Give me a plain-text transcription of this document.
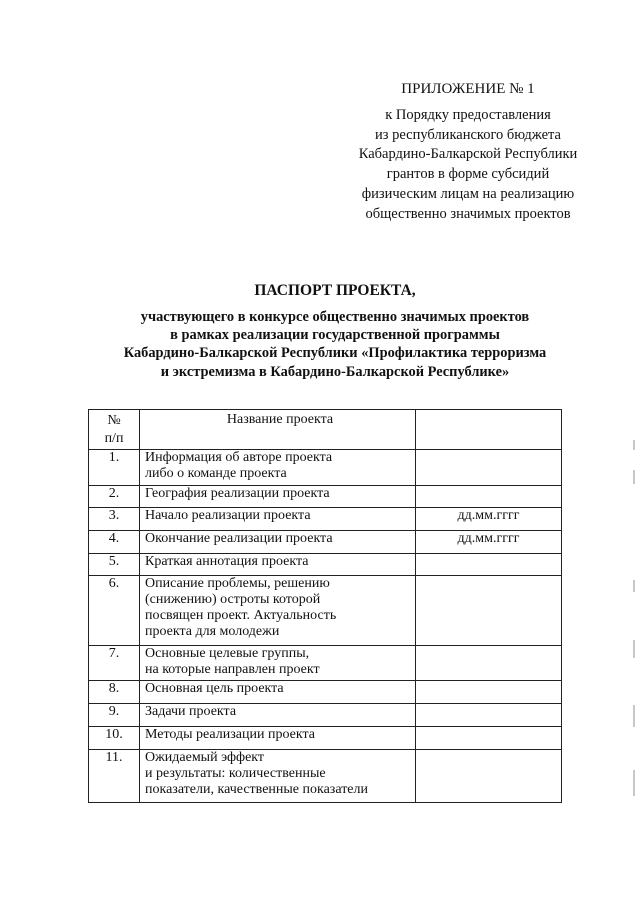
ПРИЛОЖЕНИЕ № 1
к Порядку предоставления
из республиканского бюджета
Кабардино-Балкарской Республики
грантов в форме субсидий
физическим лицам на реализацию
общественно значимых проектов
ПАСПОРТ ПРОЕКТА,
участвующего в конкурсе общественно значимых проектов
в рамках реализации государственной программы
Кабардино-Балкарской Республики «Профилактика терроризма
и экстремизма в Кабардино-Балкарской Республике»
№
п/п	Название проекта	

1.	Информация об авторе проекта
либо о команде проекта	

2.	География реализации проекта	

3.	Начало реализации проекта	дд.мм.гггг

4.	Окончание реализации проекта	дд.мм.гггг

5.	Краткая аннотация проекта	

6.	Описание проблемы, решению
(снижению) остроты которой
посвящен проект. Актуальность
проекта для молодежи	

7.	Основные целевые группы,
на которые направлен проект	

8.	Основная цель проекта	

9.	Задачи проекта	

10.	Методы реализации проекта	

11.	Ожидаемый эффект
и результаты: количественные
показатели, качественные показатели	
